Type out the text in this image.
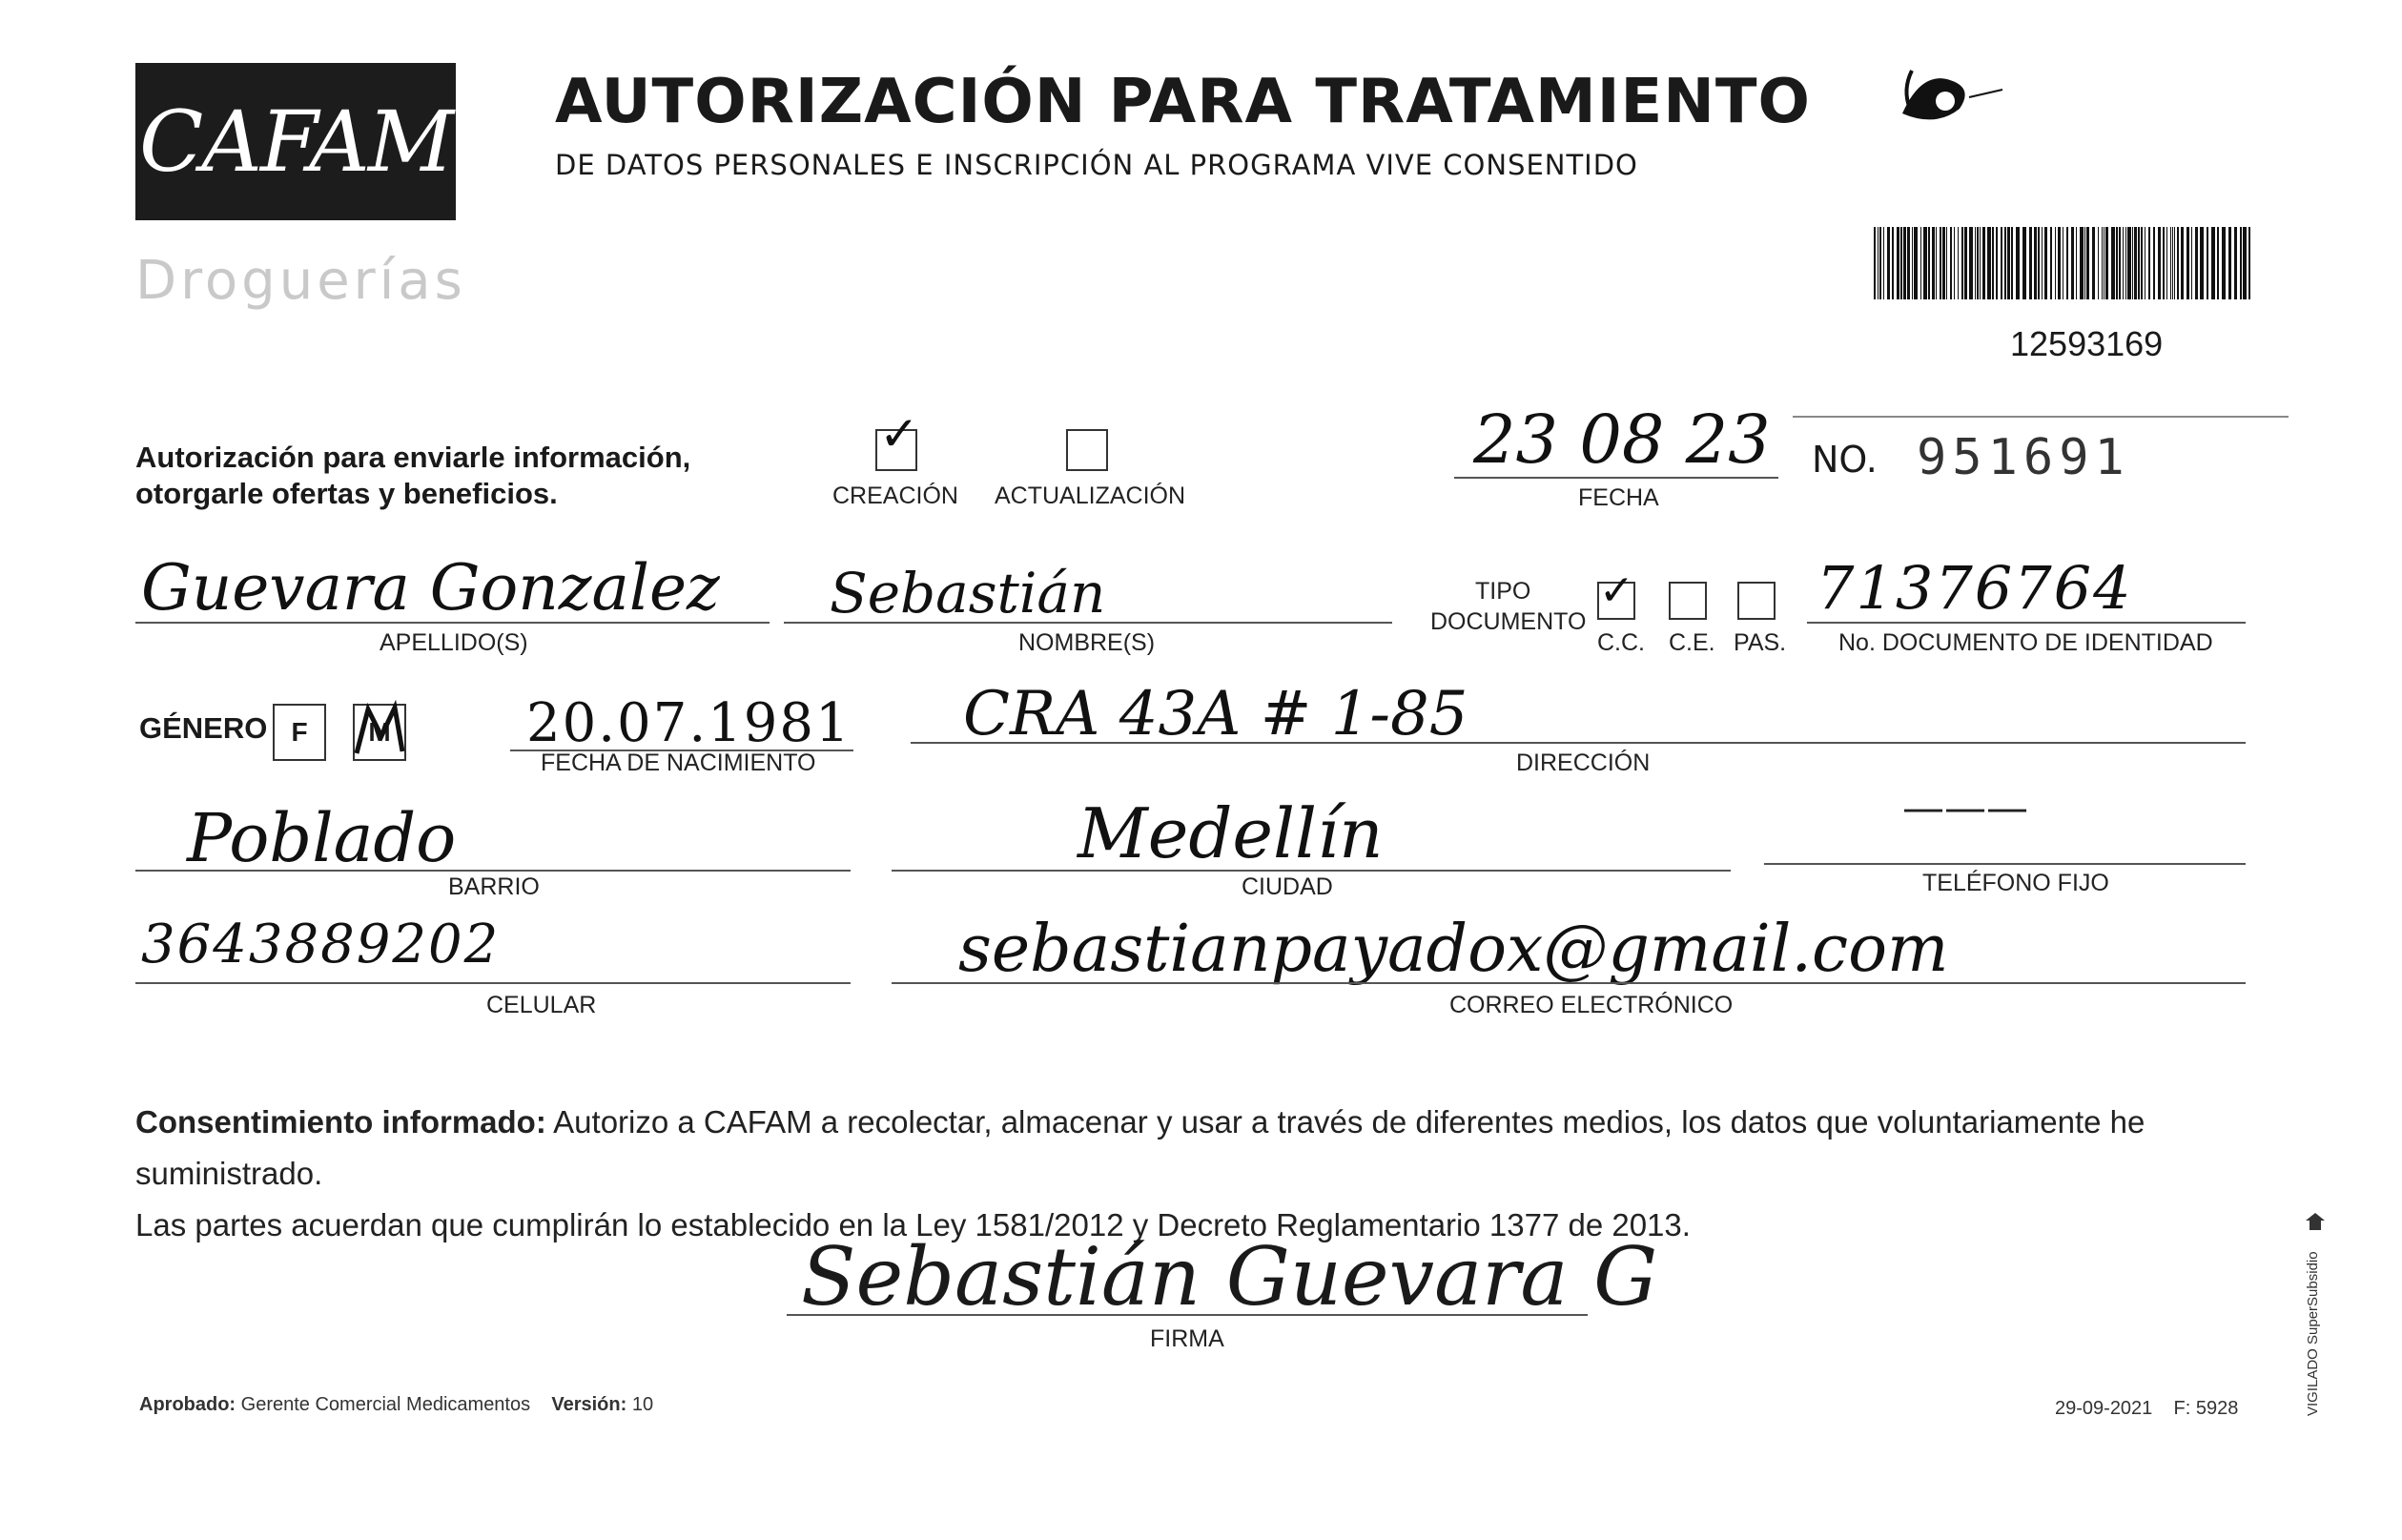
CAFAM
Droguerías
AUTORIZACIÓN PARA TRATAMIENTO
DE DATOS PERSONALES E INSCRIPCIÓN AL PROGRAMA VIVE CONSENTIDO
12593169
Autorización para enviarle información,
otorgarle ofertas y beneficios.
✓
CREACIÓN ACTUALIZACIÓN
23 08 23
FECHA
NO. 951691
Guevara Gonzalez
APELLIDO(S)
Sebastián
NOMBRE(S)
TIPO
DOCUMENTO
✓
C.C. C.E. PAS.
71376764
No. DOCUMENTO DE IDENTIDAD
GÉNERO F	M	20.07.1981
FECHA DE NACIMIENTO
CRA 43A # 1-85
DIRECCIÓN
Poblado
BARRIO
Medellín
CIUDAD
———
TELÉFONO FIJO
3643889202
CELULAR
sebastianpayadox@gmail.com
CORREO ELECTRÓNICO
Consentimiento informado: Autorizo a CAFAM a recolectar, almacenar y usar a través de diferentes medios, los datos que voluntariamente he suministrado.
Las partes acuerdan que cumplirán lo establecido en la Ley 1581/2012 y Decreto Reglamentario 1377 de 2013.
Sebastián Guevara G
FIRMA
Aprobado: Gerente Comercial Medicamentos Versión: 10	29-09-2021 F: 5928	VIGILADO SuperSubsidio
